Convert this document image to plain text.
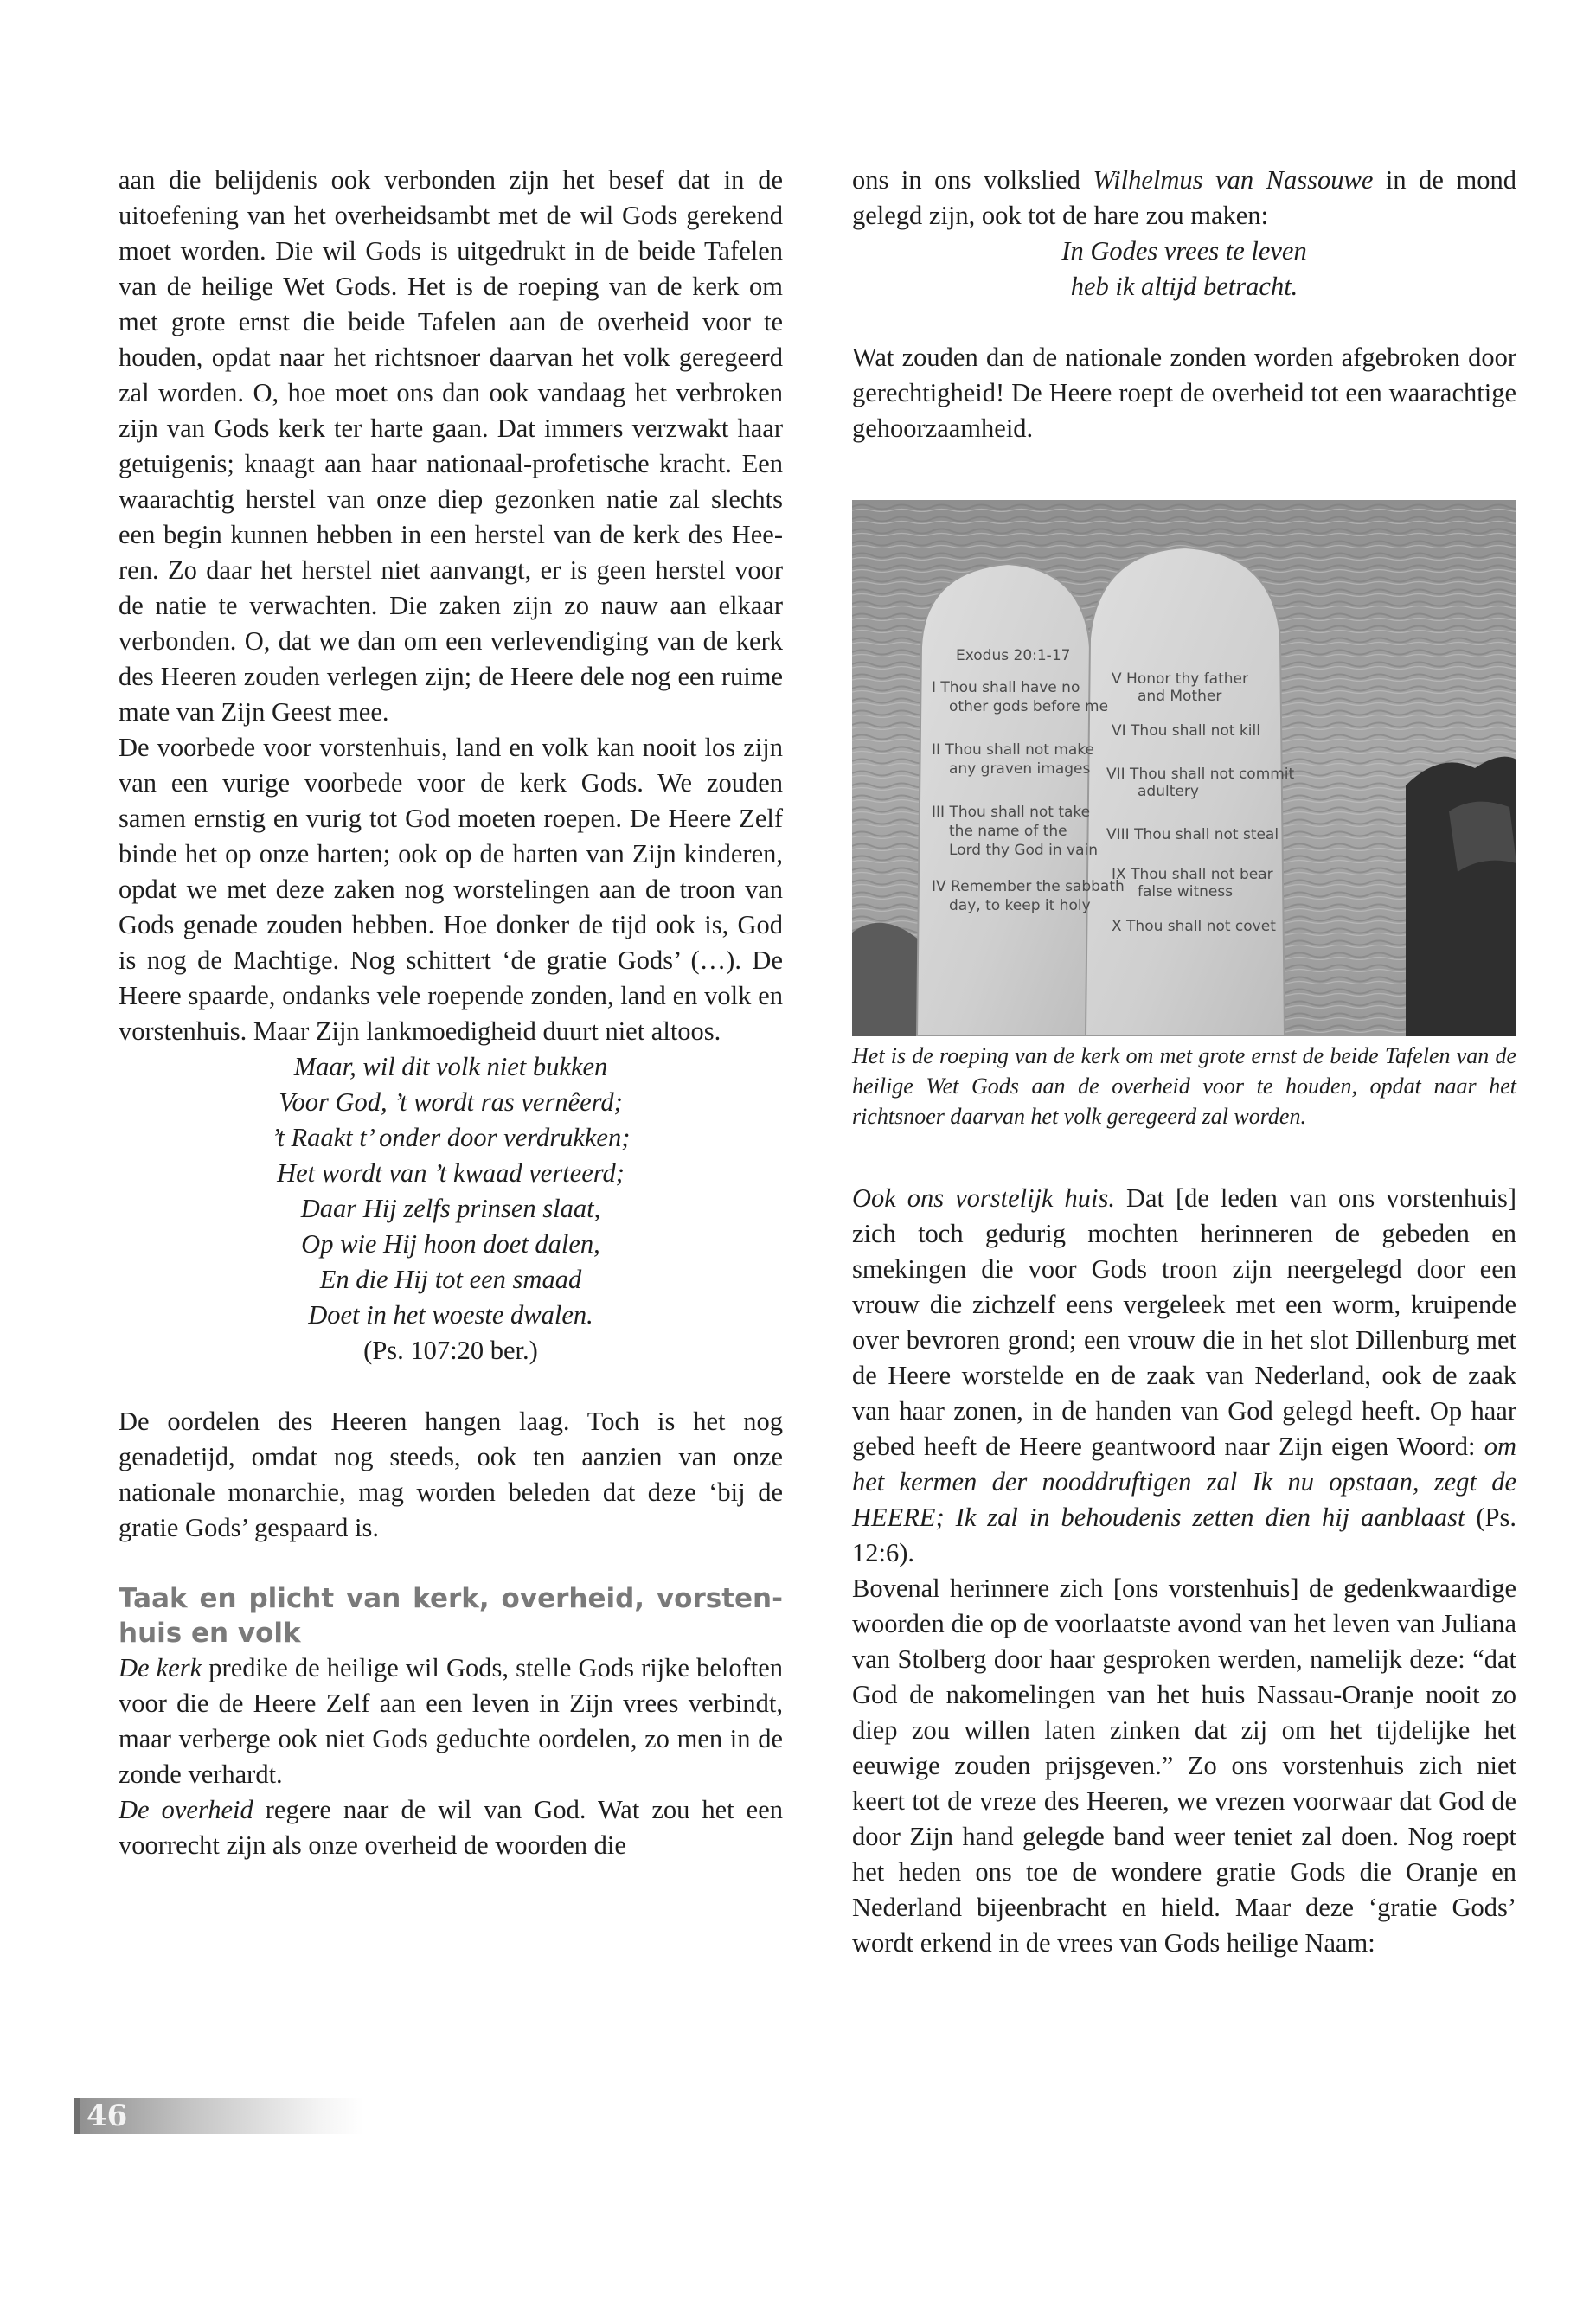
aan die belijdenis ook verbonden zijn het besef dat in de uitoefening van het overheidsambt met de wil Gods gerekend moet worden. Die wil Gods is uitgedrukt in de beide Tafelen van de heilige Wet Gods. Het is de roeping van de kerk om met grote ernst die beide Tafelen aan de overheid voor te houden, opdat naar het richtsnoer daarvan het volk geregeerd zal worden. O, hoe moet ons dan ook vandaag het verbroken zijn van Gods kerk ter harte gaan. Dat immers verzwakt haar getuigenis; knaagt aan haar nationaal-profetische kracht. Een waarachtig herstel van onze diep gezonken natie zal slechts een begin kunnen hebben in een herstel van de kerk des Heeren. Zo daar het herstel niet aanvangt, er is geen herstel voor de natie te verwachten. Die zaken zijn zo nauw aan elkaar verbonden. O, dat we dan om een verlevendiging van de kerk des Heeren zouden verlegen zijn; de Heere dele nog een ruime mate van Zijn Geest mee.

De voorbede voor vorstenhuis, land en volk kan nooit los zijn van een vurige voorbede voor de kerk Gods. We zouden samen ernstig en vurig tot God moeten roepen. De Heere Zelf binde het op onze harten; ook op de harten van Zijn kinderen, opdat we met deze zaken nog worstelingen aan de troon van Gods genade zouden hebben. Hoe donker de tijd ook is, God is nog de Machtige. Nog schittert ‘de gratie Gods’ (…). De Heere spaarde, ondanks vele roepende zonden, land en volk en vorstenhuis. Maar Zijn lankmoedigheid duurt niet altoos.

Maar, wil dit volk niet bukken
Voor God, ’t wordt ras vernêerd;
’t Raakt t’ onder door verdrukken;
Het wordt van ’t kwaad verteerd;
Daar Hij zelfs prinsen slaat,
Op wie Hij hoon doet dalen,
En die Hij tot een smaad
Doet in het woeste dwalen.
(Ps. 107:20 ber.)

De oordelen des Heeren hangen laag. Toch is het nog genadetijd, omdat nog steeds, ook ten aanzien van onze nationale monarchie, mag worden beleden dat deze ‘bij de gratie Gods’ gespaard is.

Taak en plicht van kerk, overheid, vorstenhuis en volk

De kerk predike de heilige wil Gods, stelle Gods rijke beloften voor die de Heere Zelf aan een leven in Zijn vrees verbindt, maar verberge ook niet Gods geduchte oordelen, zo men in de zonde verhardt.

De overheid regere naar de wil van God. Wat zou het een voorrecht zijn als onze overheid de woorden die

ons in ons volkslied Wilhelmus van Nassouwe in de mond gelegd zijn, ook tot de hare zou maken:

In Godes vrees te leven
heb ik altijd betracht.

Wat zouden dan de nationale zonden worden afgebroken door gerechtigheid! De Heere roept de overheid tot een waarachtige gehoorzaamheid.

Exodus 20:1-17
I Thou shall have no
other gods before me
II Thou shall not make
any graven images
III Thou shall not take
the name of the
Lord thy God in vain
IV Remember the sabbath
day, to keep it holy
V Honor thy father
and Mother
VI Thou shall not kill
VII Thou shall not commit
adultery
VIII Thou shall not steal
IX Thou shall not bear
false witness
X Thou shall not covet
Het is de roeping van de kerk om met grote ernst de beide Tafelen van de heilige Wet Gods aan de overheid voor te houden, opdat naar het richtsnoer daarvan het volk geregeerd zal worden.

Ook ons vorstelijk huis. Dat [de leden van ons vorstenhuis] zich toch gedurig mochten herinneren de gebeden en smekingen die voor Gods troon zijn neergelegd door een vrouw die zichzelf eens vergeleek met een worm, kruipende over bevroren grond; een vrouw die in het slot Dillenburg met de Heere worstelde en de zaak van Nederland, ook de zaak van haar zonen, in de handen van God gelegd heeft. Op haar gebed heeft de Heere geantwoord naar Zijn eigen Woord: om het kermen der nooddruftigen zal Ik nu opstaan, zegt de HEERE; Ik zal in behoudenis zetten dien hij aanblaast (Ps. 12:6).

Bovenal herinnere zich [ons vorstenhuis] de gedenkwaardige woorden die op de voorlaatste avond van het leven van Juliana van Stolberg door haar gesproken werden, namelijk deze: “dat God de nakomelingen van het huis Nassau-Oranje nooit zo diep zou willen laten zinken dat zij om het tijdelijke het eeuwige zouden prijsgeven.” Zo ons vorstenhuis zich niet keert tot de vreze des Heeren, we vrezen voorwaar dat God de door Zijn hand gelegde band weer teniet zal doen. Nog roept het heden ons toe de wondere gratie Gods die Oranje en Nederland bijeenbracht en hield. Maar deze ‘gratie Gods’ wordt erkend in de vrees van Gods heilige Naam:

46
